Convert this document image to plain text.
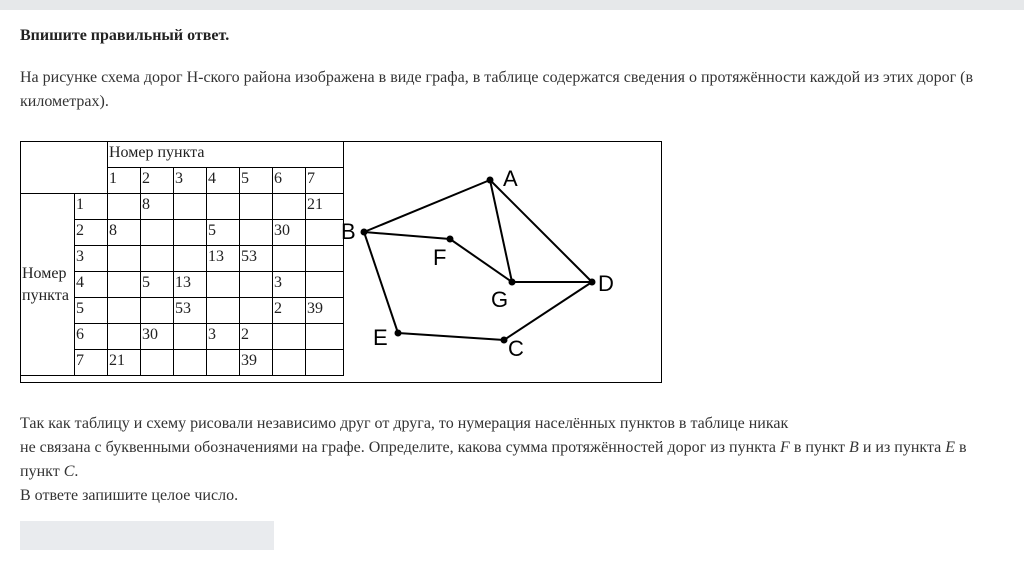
Впишите правильный ответ.

На рисунке схема дорог Н-ского района изображена в виде графа, в таблице содержатся сведения о протяжённости каждой из этих дорог (в километрах).

		Номер пункта						
		1	2	3	4	5	6	7
Номер пункта	1		8					21
	2	8			5		30	
	3				13	53		
	4		5	13			3	
	5			53			2	39
	6		30		3	2		
	7	21				39		
A
B
C
D
E
F
G
Так как таблицу и схему рисовали независимо друг от друга, то нумерация населённых пунктов в таблице никак
не связана с буквенными обозначениями на графе. Определите, какова сумма протяжённостей дорог из пункта F в пункт B и из пункта E в пункт C.
В ответе запишите целое число.
